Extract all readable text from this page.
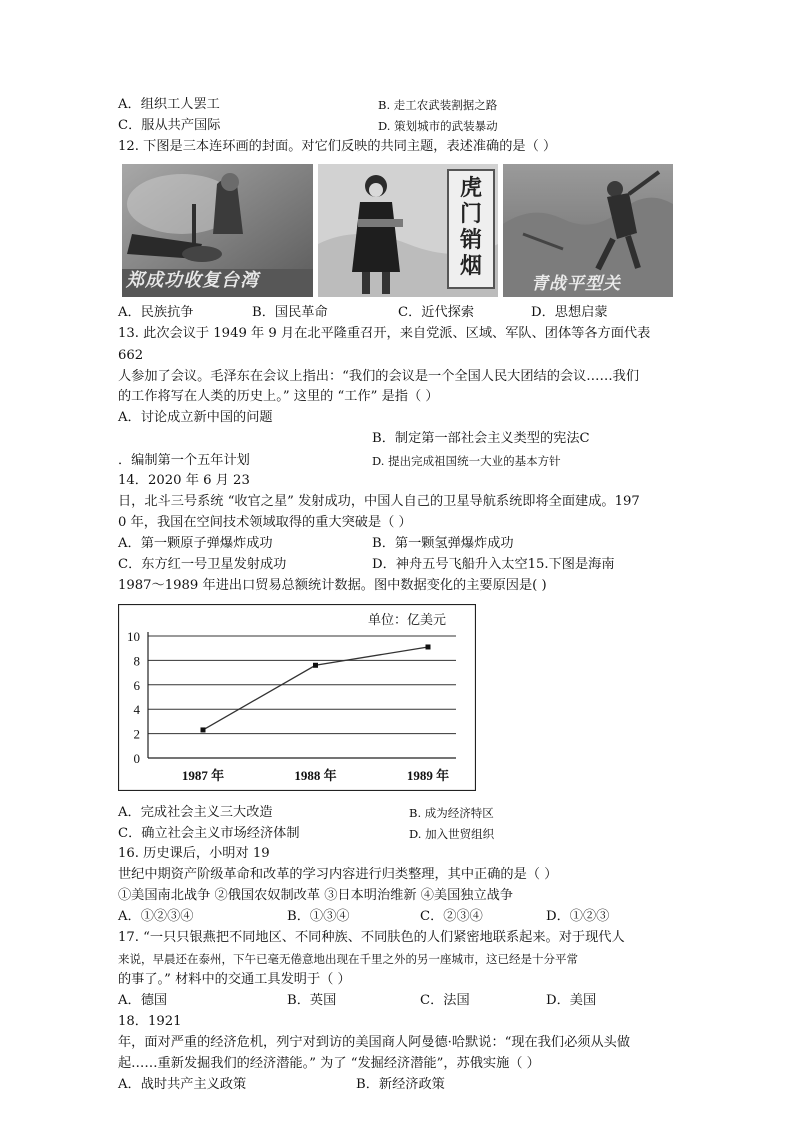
A．组织工人罢工	B. 走工农武装割据之路
C．服从共产国际	D. 策划城市的武装暴动
12. 下图是三本连环画的封面。对它们反映的共同主题，表述准确的是（ ）
郑成功收复台湾
虎门销烟
青战平型关
A．民族抗争	B．国民革命	C．近代探索	D．思想启蒙
13. 此次会议于 1949 年 9 月在北平隆重召开，来自党派、区域、军队、团体等各方面代表
662
人参加了会议。毛泽东在会议上指出：“我们的会议是一个全国人民大团结的会议……我们
的工作将写在人类的历史上。” 这里的 “工作” 是指（ ）
A．讨论成立新中国的问题
B．制定第一部社会主义类型的宪法C
．编制第一个五年计划	D. 提出完成祖国统一大业的基本方针
14．2020 年 6 月 23
日，北斗三号系统 “收官之星” 发射成功，中国人自己的卫星导航系统即将全面建成。197
0 年，我国在空间技术领域取得的重大突破是（ ）
A．第一颗原子弹爆炸成功	B．第一颗氢弹爆炸成功
C．东方红一号卫星发射成功	D．神舟五号飞船升入太空15.下图是海南
1987～1989 年进出口贸易总额统计数据。图中数据变化的主要原因是( )
0
2
4
6
8
10
1987 年	1988 年	1989 年
单位：亿美元
A．完成社会主义三大改造	B. 成为经济特区
C．确立社会主义市场经济体制	D. 加入世贸组织
16. 历史课后，小明对 19
世纪中期资产阶级革命和改革的学习内容进行归类整理，其中正确的是（ ）
①美国南北战争 ②俄国农奴制改革 ③日本明治维新 ④美国独立战争
A．①②③④	B．①③④	C．②③④	D．①②③
17. “一只只银燕把不同地区、不同种族、不同肤色的人们紧密地联系起来。对于现代人
来说，早晨还在泰州，下午已毫无倦意地出现在千里之外的另一座城市，这已经是十分平常
的事了。” 材料中的交通工具发明于（ ）
A．德国	B．英国	C．法国	D．美国
18．1921
年，面对严重的经济危机，列宁对到访的美国商人阿曼德·哈默说：“现在我们必须从头做
起……重新发掘我们的经济潜能。” 为了 “发掘经济潜能”，苏俄实施（ ）
A．战时共产主义政策	B．新经济政策
